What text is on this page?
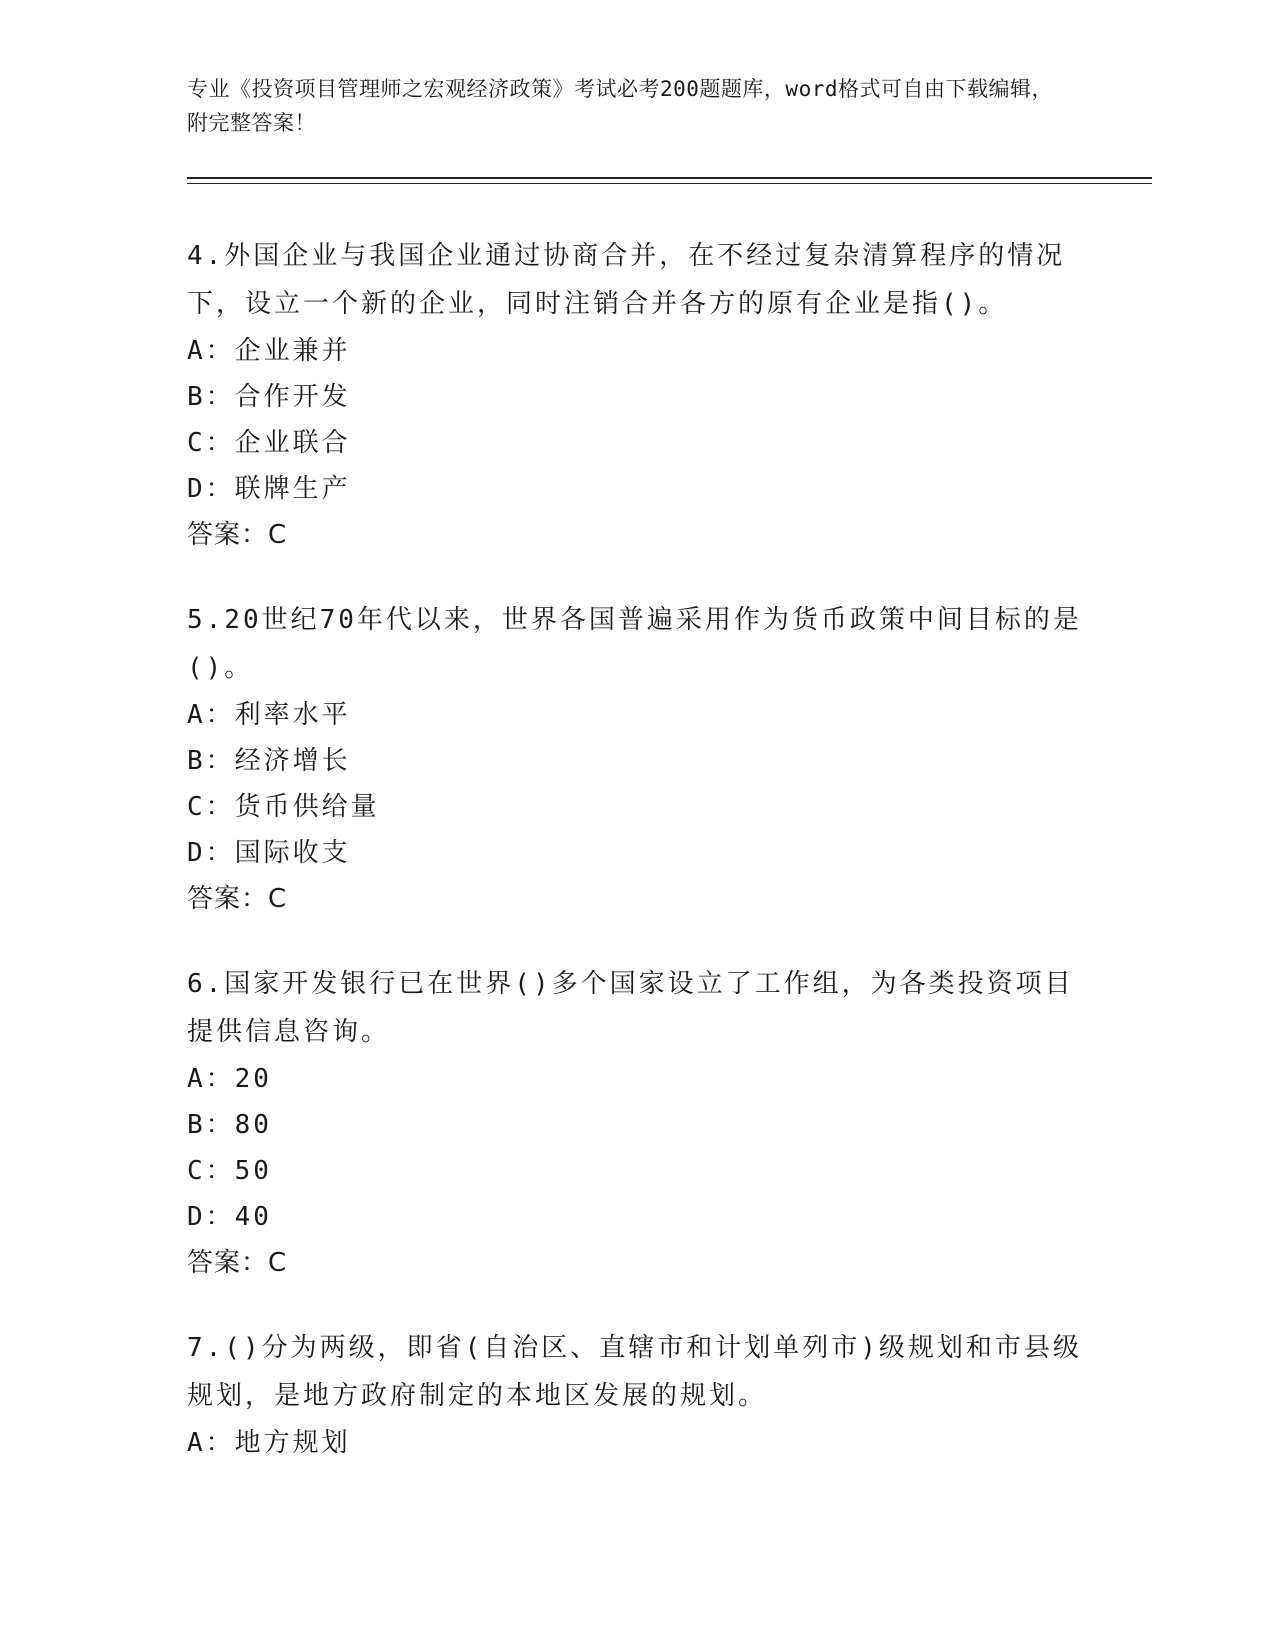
专业《投资项目管理师之宏观经济政策》考试必考200题题库，word格式可自由下载编辑，附完整答案！

4.外国企业与我国企业通过协商合并，在不经过复杂清算程序的情况下，设立一个新的企业，同时注销合并各方的原有企业是指()。

A：企业兼并

B：合作开发

C：企业联合

D：联牌生产

答案：C

5.20世纪70年代以来，世界各国普遍采用作为货币政策中间目标的是()。

A：利率水平

B：经济增长

C：货币供给量

D：国际收支

答案：C

6.国家开发银行已在世界()多个国家设立了工作组，为各类投资项目提供信息咨询。

A：20

B：80

C：50

D：40

答案：C

7.()分为两级，即省(自治区、直辖市和计划单列市)级规划和市县级规划，是地方政府制定的本地区发展的规划。

A：地方规划
